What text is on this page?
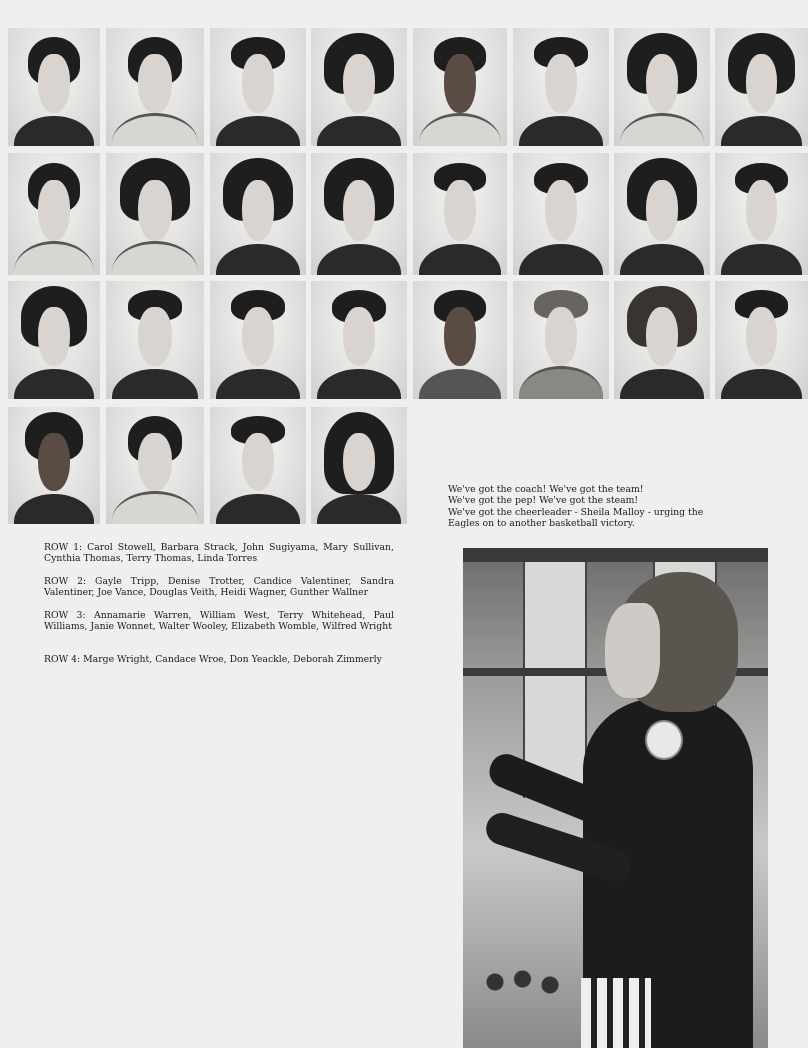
ROW 1: Carol Stowell, Barbara Strack, John Sugiyama, Mary Sullivan, Cynthia Thomas, Terry Thomas, Linda Torres
ROW 2: Gayle Tripp, Denise Trotter, Candice Valentiner, Sandra Valentiner, Joe Vance, Douglas Veith, Heidi Wagner, Gunther Wallner
ROW 3: Annamarie Warren, William West, Terry Whitehead, Paul Williams, Janie Wonnet, Walter Wooley, Elizabeth Womble, Wilfred Wright
ROW 4: Marge Wright, Candace Wroe, Don Yeackle, Deborah Zimmerly
We've got the coach! We've got the team!
We've got the pep! We've got the steam!
We've got the cheerleader - Sheila Malloy - urging the
Eagles on to another basketball victory.
